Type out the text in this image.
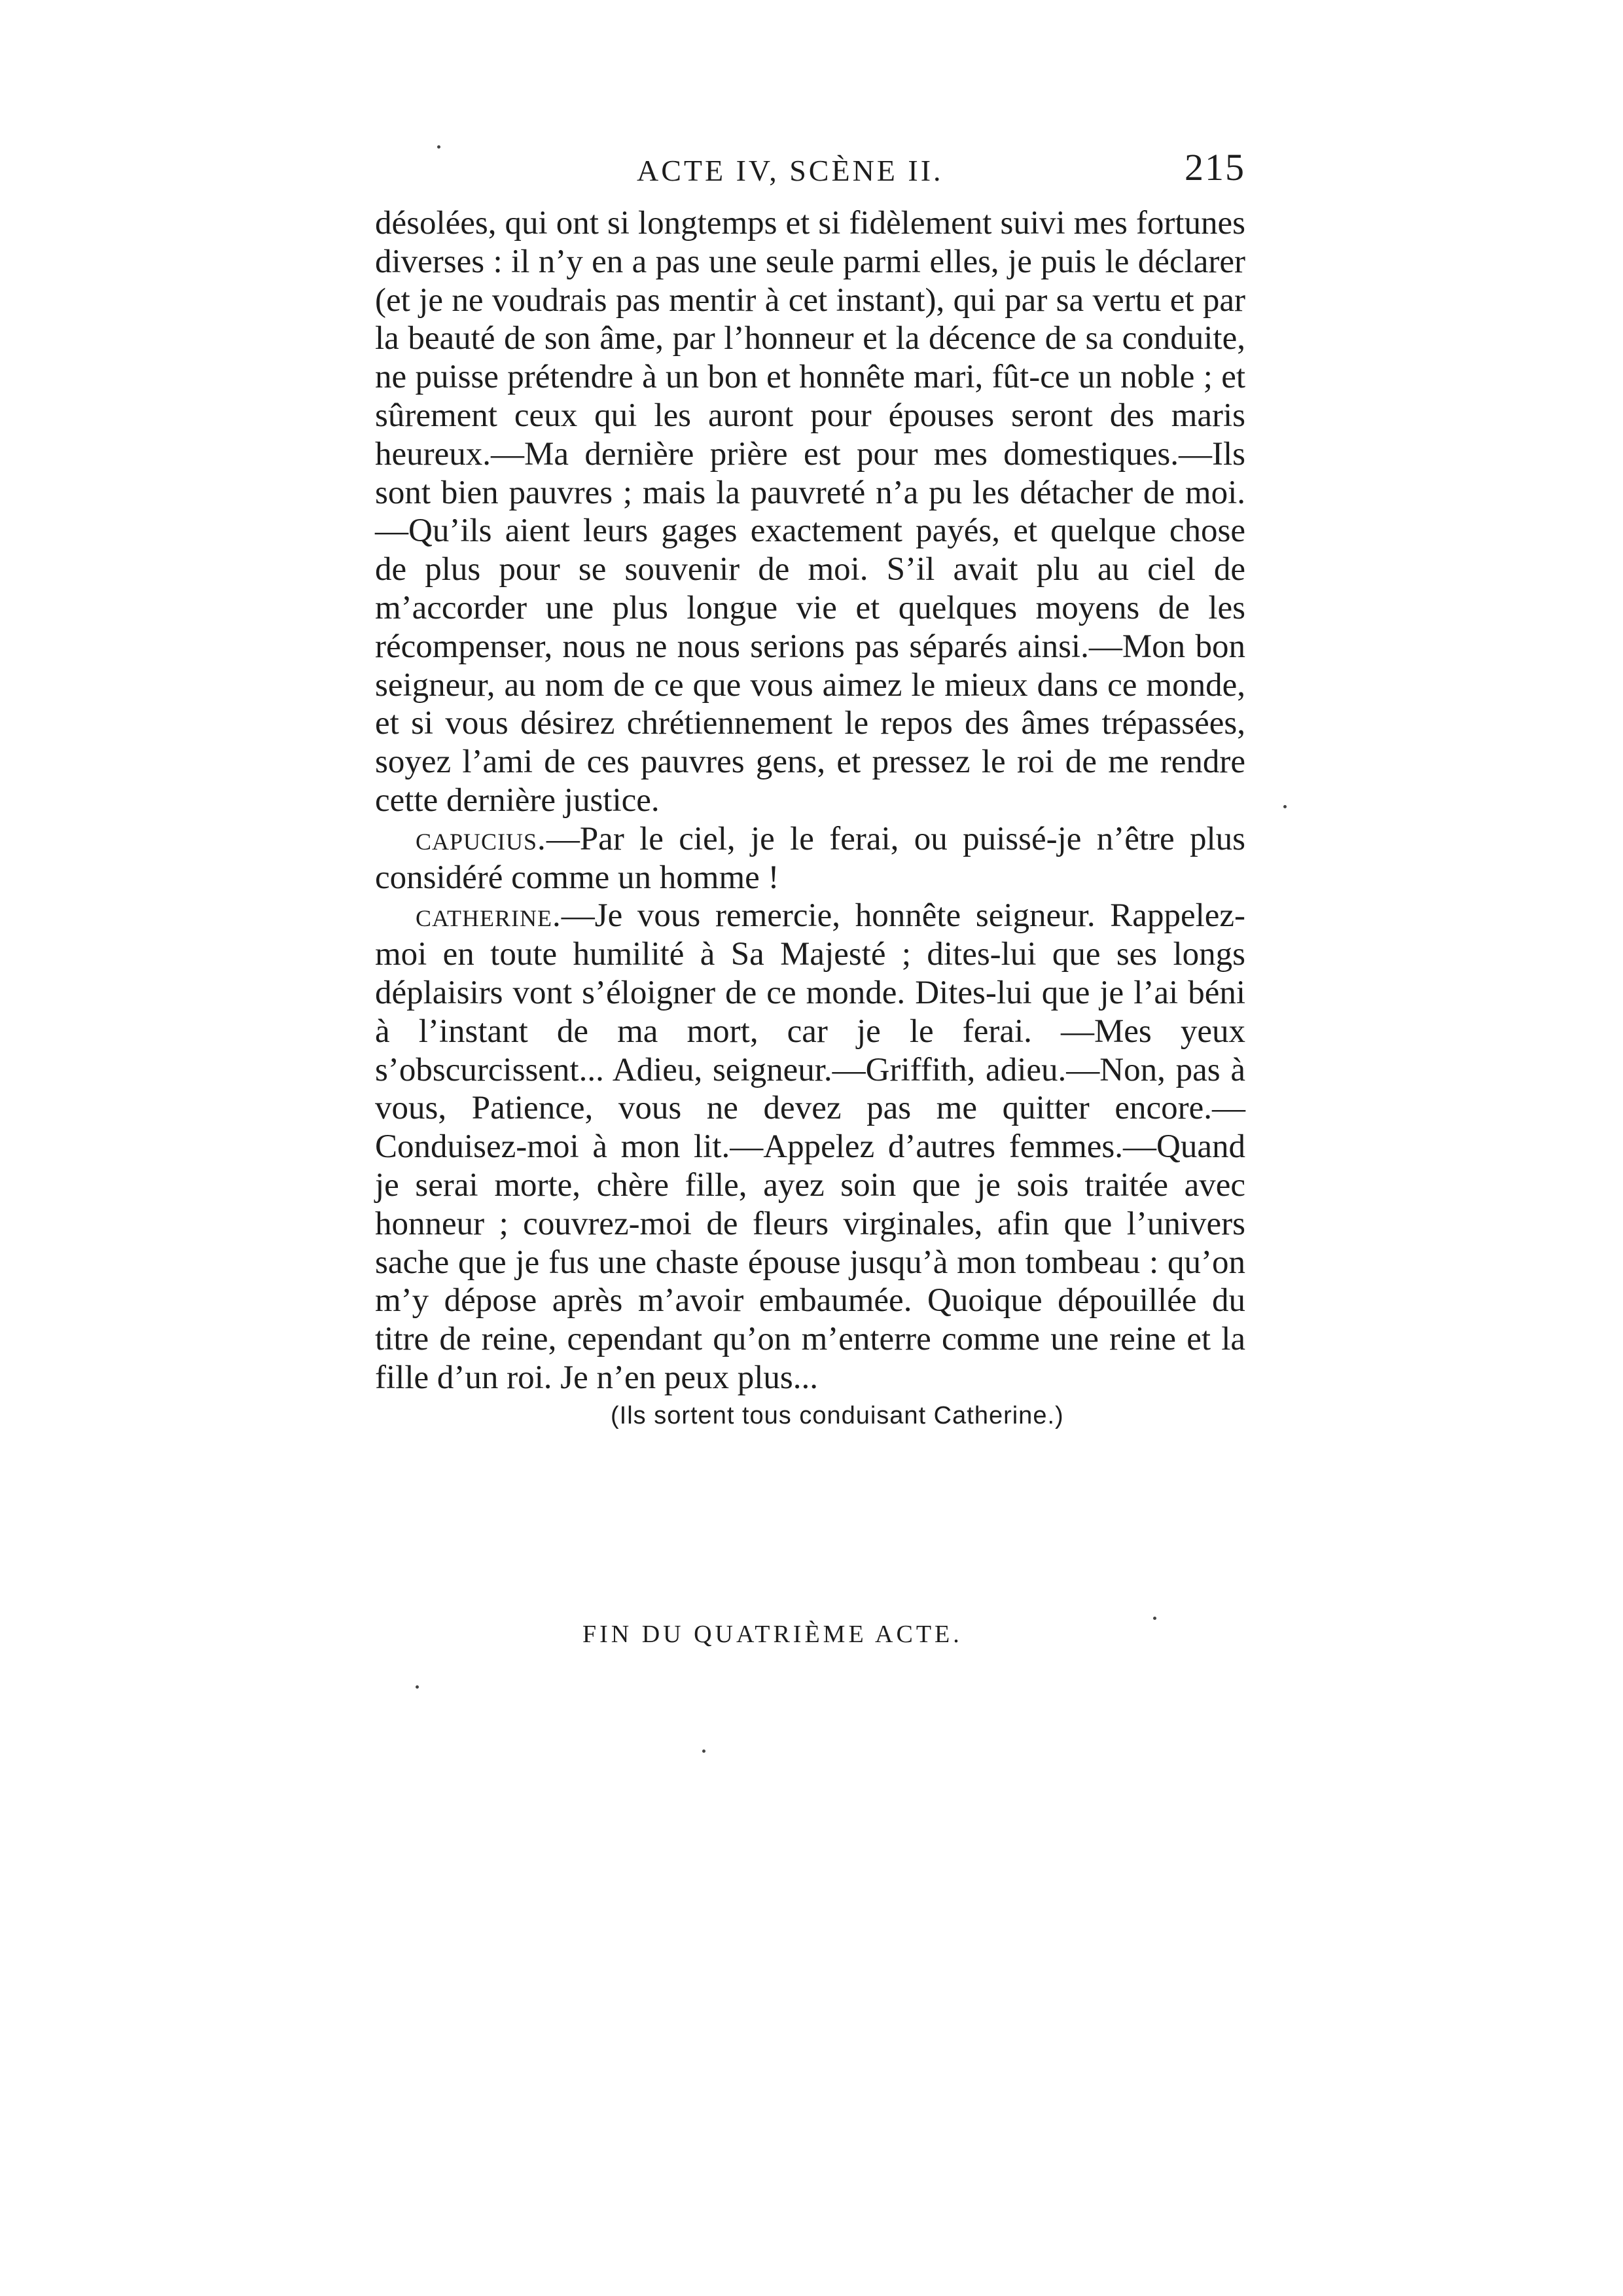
ACTE IV, SCÈNE II.	215

désolées, qui ont si longtemps et si fidèlement suivi mes fortunes diverses : il n’y en a pas une seule parmi elles, je puis le déclarer (et je ne voudrais pas mentir à cet instant), qui par sa vertu et par la beauté de son âme, par l’honneur et la décence de sa conduite, ne puisse prétendre à un bon et honnête mari, fût-ce un noble ; et sûrement ceux qui les auront pour épouses seront des maris heureux.—Ma dernière prière est pour mes domestiques.—Ils sont bien pauvres ; mais la pauvreté n’a pu les détacher de moi.—Qu’ils aient leurs gages exactement payés, et quelque chose de plus pour se souvenir de moi. S’il avait plu au ciel de m’accorder une plus longue vie et quelques moyens de les récompenser, nous ne nous serions pas séparés ainsi.—Mon bon seigneur, au nom de ce que vous aimez le mieux dans ce monde, et si vous désirez chrétiennement le repos des âmes trépassées, soyez l’ami de ces pauvres gens, et pressez le roi de me rendre cette dernière justice.

capucius.—Par le ciel, je le ferai, ou puissé-je n’être plus considéré comme un homme !

catherine.—Je vous remercie, honnête seigneur. Rappelez-moi en toute humilité à Sa Majesté ; dites-lui que ses longs déplaisirs vont s’éloigner de ce monde. Dites-lui que je l’ai béni à l’instant de ma mort, car je le ferai. —Mes yeux s’obscurcissent... Adieu, seigneur.—Griffith, adieu.—Non, pas à vous, Patience, vous ne devez pas me quitter encore.—Conduisez-moi à mon lit.—Appelez d’autres femmes.—Quand je serai morte, chère fille, ayez soin que je sois traitée avec honneur ; couvrez-moi de fleurs virginales, afin que l’univers sache que je fus une chaste épouse jusqu’à mon tombeau : qu’on m’y dépose après m’avoir embaumée. Quoique dépouillée du titre de reine, cependant qu’on m’enterre comme une reine et la fille d’un roi. Je n’en peux plus...

(Ils sortent tous conduisant Catherine.)

FIN DU QUATRIÈME ACTE.
